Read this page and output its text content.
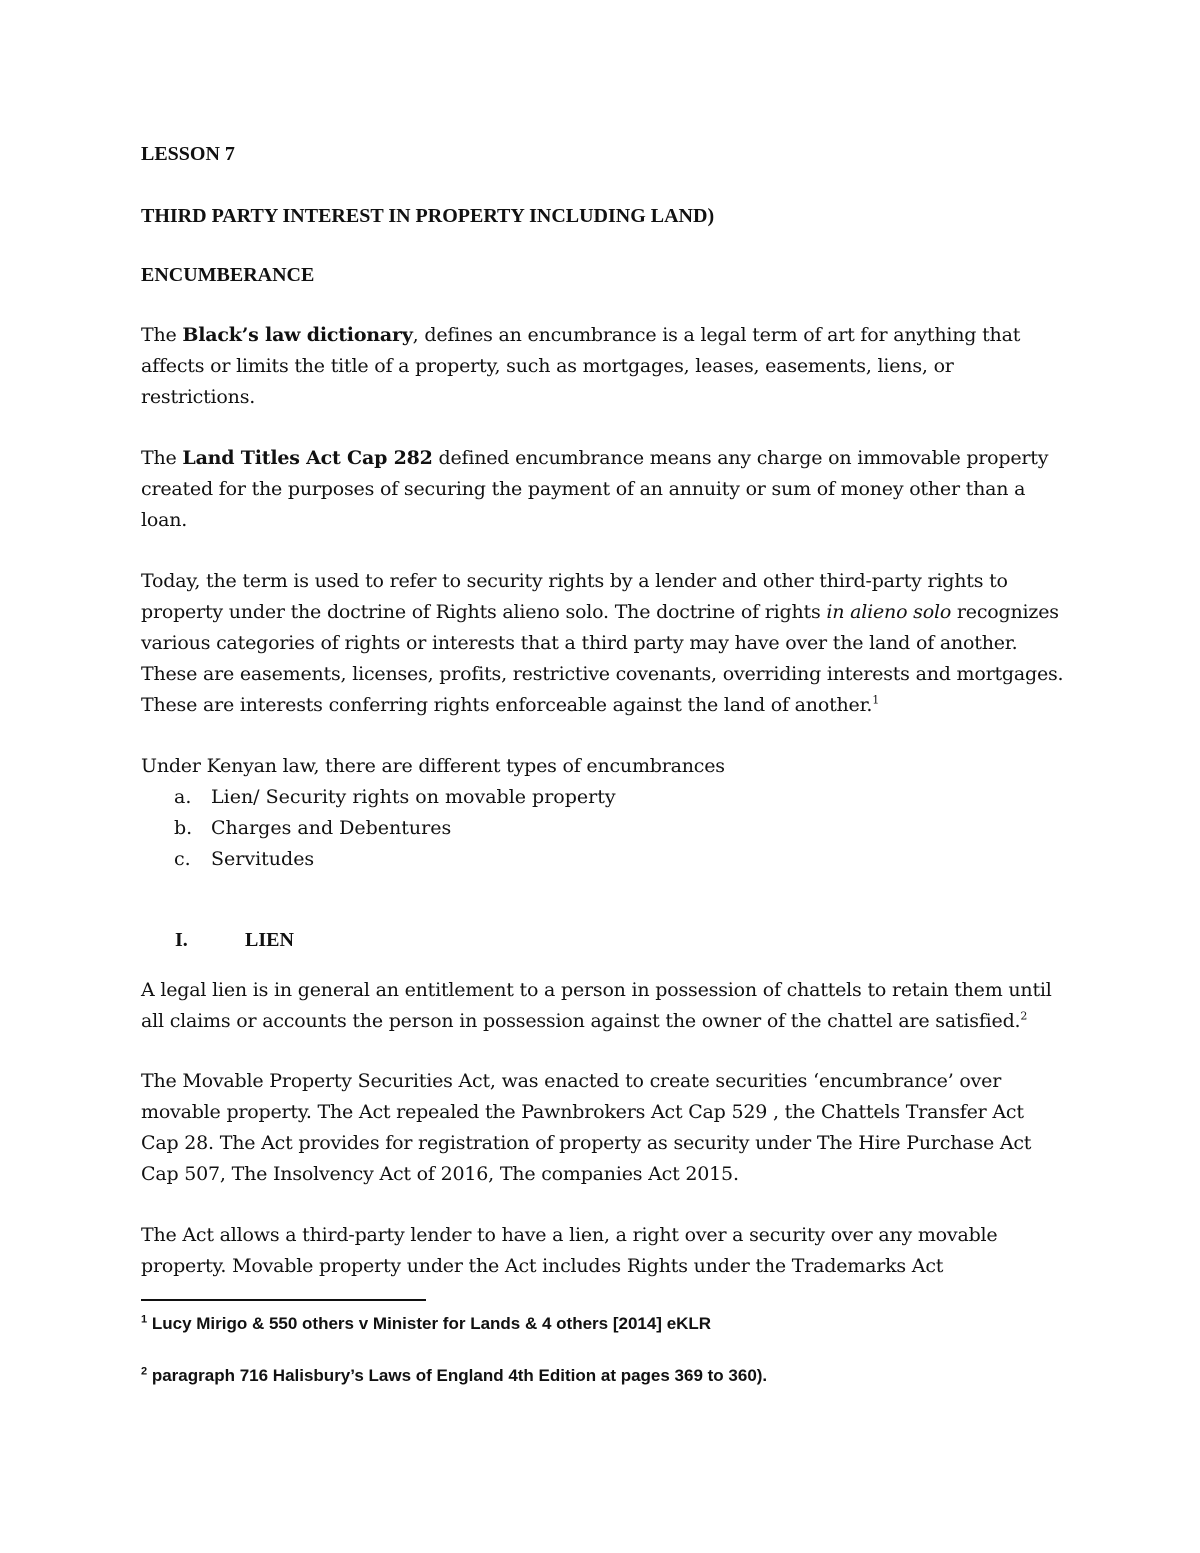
LESSON 7
THIRD PARTY INTEREST IN PROPERTY INCLUDING LAND)
ENCUMBERANCE

The Black’s law dictionary, defines an encumbrance is a legal term of art for anything that affects or limits the title of a property, such as mortgages, leases, easements, liens, or restrictions.

The Land Titles Act Cap 282 defined encumbrance means any charge on immovable property created for the purposes of securing the payment of an annuity or sum of money other than a loan.

Today, the term is used to refer to security rights by a lender and other third-party rights to property under the doctrine of Rights alieno solo. The doctrine of rights in alieno solo recognizes various categories of rights or interests that a third party may have over the land of another. These are easements, licenses, profits, restrictive covenants, overriding interests and mortgages. These are interests conferring rights enforceable against the land of another.$^1$

Under Kenyan law, there are different types of encumbrances

a. Lien/ Security rights on movable property
b. Charges and Debentures
c. Servitudes
I.	LIEN

A legal lien is in general an entitlement to a person in possession of chattels to retain them until all claims or accounts the person in possession against the owner of the chattel are satisfied.$^2$

The Movable Property Securities Act, was enacted to create securities ‘encumbrance’ over movable property. The Act repealed the Pawnbrokers Act Cap 529 , the Chattels Transfer Act Cap 28. The Act provides for registration of property as security under The Hire Purchase Act Cap 507, The Insolvency Act of 2016, The companies Act 2015.

The Act allows a third-party lender to have a lien, a right over a security over any movable property. Movable property under the Act includes Rights under the Trademarks Act

$^1$ Lucy Mirigo & 550 others v Minister for Lands & 4 others [2014] eKLR
$^2$ paragraph 716 Halisbury’s Laws of England 4th Edition at pages 369 to 360).
